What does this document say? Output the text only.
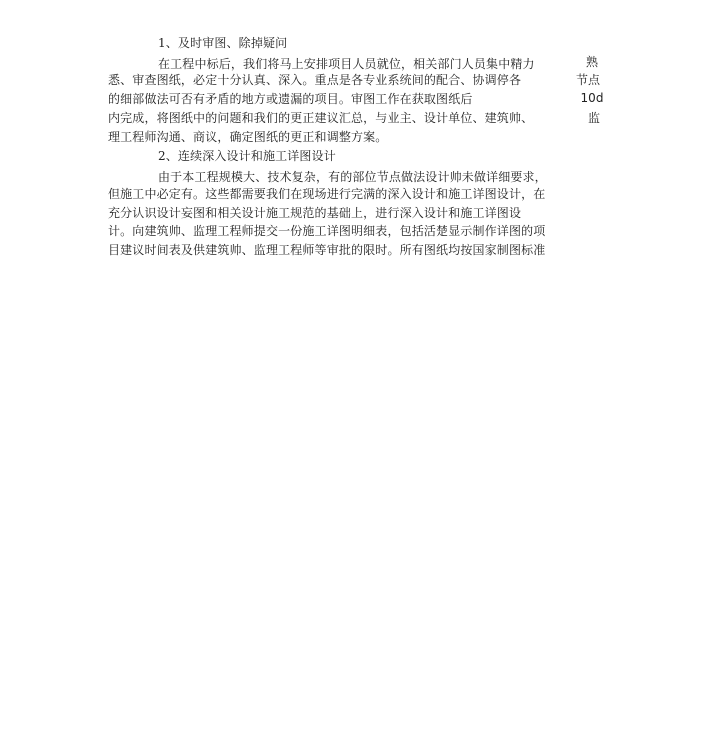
1、及时审图、除掉疑问
在工程中标后，我们将马上安排项目人员就位，相关部门人员集中精力
悉、审查图纸，必定十分认真、深入。重点是各专业系统间的配合、协调停各
的细部做法可否有矛盾的地方或遗漏的项目。审图工作在获取图纸后
内完成，将图纸中的问题和我们的更正建议汇总，与业主、设计单位、建筑帅、
理工程师沟通、商议，确定图纸的更正和调整方案。
熟
节点
10d
监
2、连续深入设计和施工详图设计
由于本工程规模大、技术复杂，有的部位节点做法设计帅未做详细要求，
但施工中必定有。这些都需要我们在现场进行完满的深入设计和施工详图设计，在
充分认识设计妄图和相关设计施工规范的基础上，进行深入设计和施工详图设
计。向建筑帅、监理工程师提交一份施工详图明细表，包括活楚显示制作详图的项
目建议时间表及供建筑帅、监理工程师等审批的限时。所有图纸均按国家制图标准
